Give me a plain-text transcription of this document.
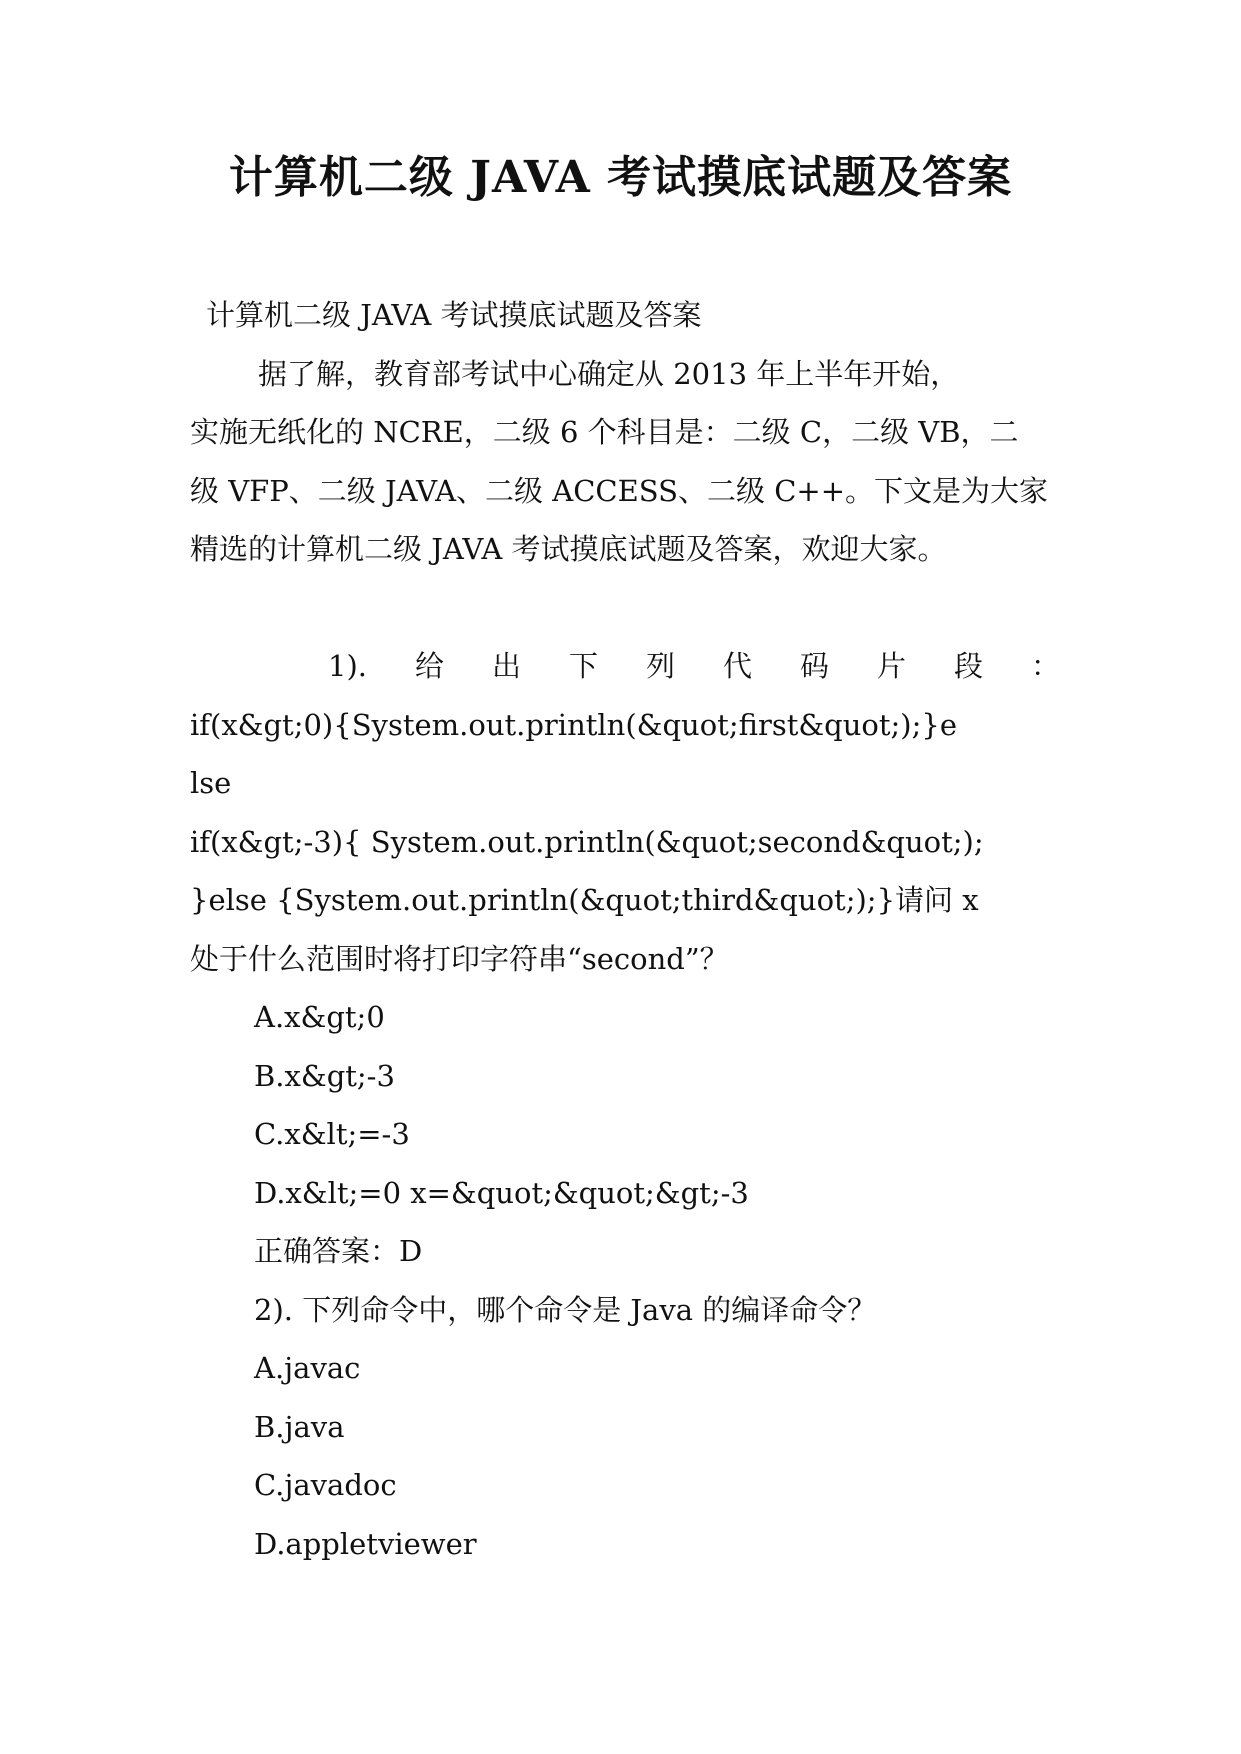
计算机二级 JAVA 考试摸底试题及答案
计算机二级 JAVA 考试摸底试题及答案
据了解，教育部考试中心确定从 2013 年上半年开始，
实施无纸化的 NCRE，二级 6 个科目是：二级 C，二级 VB，二
级 VFP、二级 JAVA、二级 ACCESS、二级 C++。下文是为大家
精选的计算机二级 JAVA 考试摸底试题及答案，欢迎大家。
1). 给 出 下 列 代 码 片 段 ：
if(x&gt;0){System.out.println(&quot;first&quot;);}e
lse
if(x&gt;-3){ System.out.println(&quot;second&quot;);
}else {System.out.println(&quot;third&quot;);}请问 x
处于什么范围时将打印字符串“second”？
A.x&gt;0
B.x&gt;-3
C.x&lt;=-3
D.x&lt;=0 x=&quot;&quot;&gt;-3
正确答案：D
2). 下列命令中，哪个命令是 Java 的编译命令？
A.javac
B.java
C.javadoc
D.appletviewer
